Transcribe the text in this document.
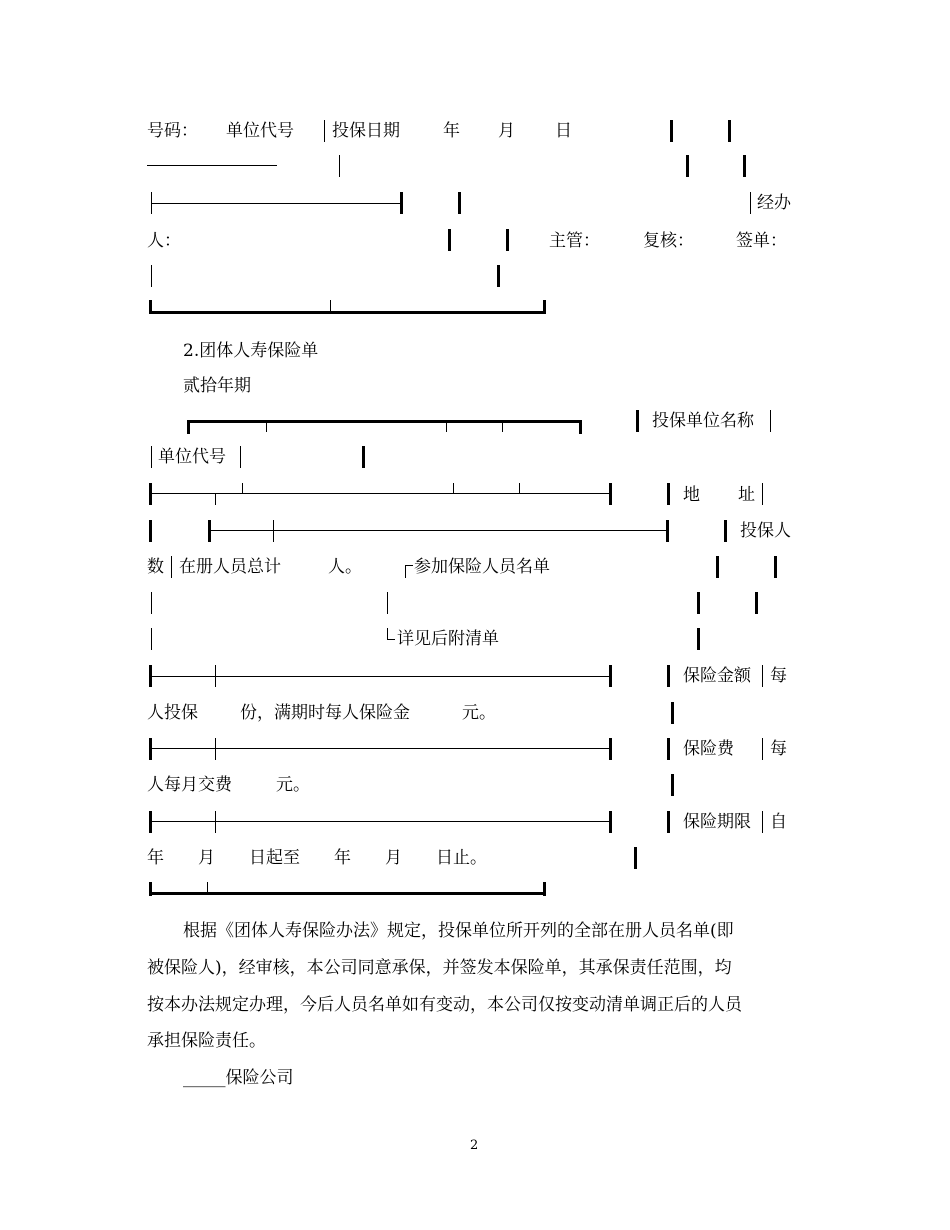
号码： 单位代号 投保日期	年 月 日
经办
人：	主管：	复核： 签单：
2.团体人寿保险单
贰拾年期
投保单位名称
单位代号
地 址
投保人
数 在册人员总计	人。	参加保险人员名单
详见后附清单
保险金额 每
人投保 份，满期时每人保险金	元。
保险费 每
人每月交费	元。
保险期限 自
年　　月　　日起至　　年　　月　　日止。
根据《团体人寿保险办法》规定，投保单位所开列的全部在册人员名单(即
被保险人)，经审核，本公司同意承保，并签发本保险单，其承保责任范围，均
按本办法规定办理，今后人员名单如有变动，本公司仅按变动清单调正后的人员
承担保险责任。
_____保险公司
2
